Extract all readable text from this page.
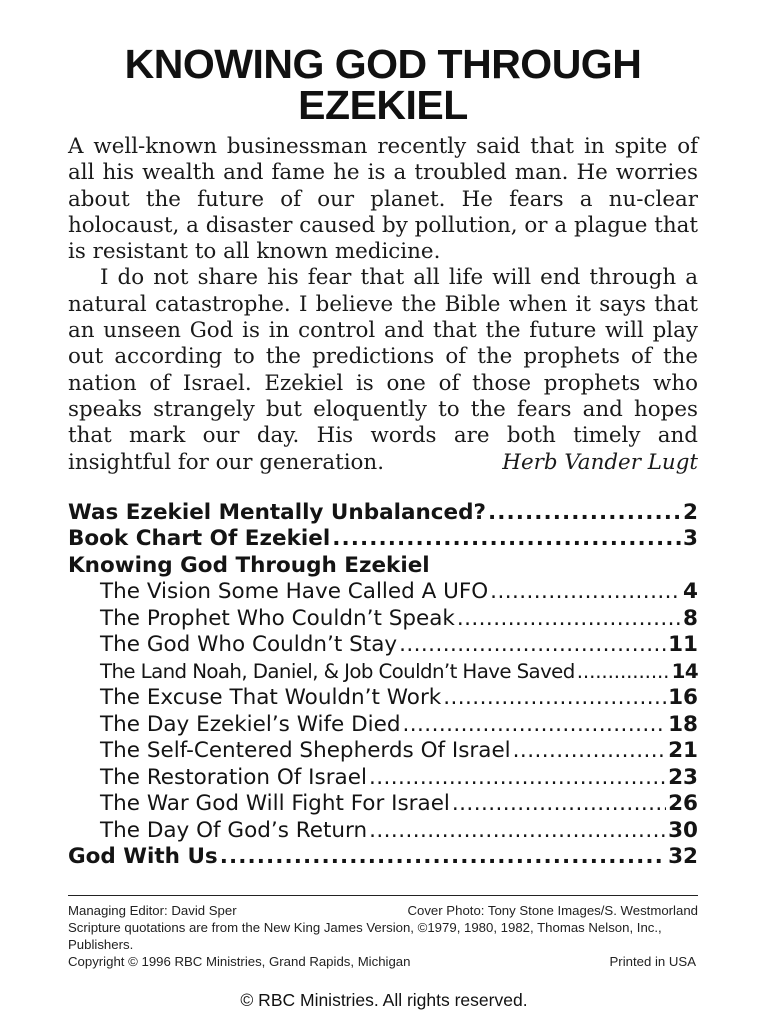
KNOWING GOD THROUGH
EZEKIEL

A well-known businessman recently said that in spite of all his wealth and fame he is a troubled man. He worries about the future of our planet. He fears a nu-clear holocaust, a disaster caused by pollution, or a plague that is resistant to all known medicine.

I do not share his fear that all life will end through a natural catastrophe. I believe the Bible when it says that an unseen God is in control and that the future will play out according to the predictions of the prophets of the nation of Israel. Ezekiel is one of those prophets who speaks strangely but eloquently to the fears and hopes that mark our day. His words are both timely and insightful for our generation.	Herb Vander Lugt

Was Ezekiel Mentally Unbalanced? . . .	2
Book Chart Of Ezekiel . . .	3
Knowing God Through Ezekiel
The Vision Some Have Called A UFO . . .	4
The Prophet Who Couldn’t Speak . . .	8
The God Who Couldn’t Stay . . .	11
The Land Noah, Daniel, & Job Couldn’t Have Saved . . .	14
The Excuse That Wouldn’t Work . . .	16
The Day Ezekiel’s Wife Died . . .	18
The Self-Centered Shepherds Of Israel . . .	21
The Restoration Of Israel . . .	23
The War God Will Fight For Israel . . .	26
The Day Of God’s Return . . .	30
God With Us . . .	32
Managing Editor: David Sper	Cover Photo: Tony Stone Images/S. Westmorland

Scripture quotations are from the New King James Version, ©1979, 1980, 1982, Thomas Nelson, Inc., Publishers.

Copyright © 1996 RBC Ministries, Grand Rapids, Michigan	Printed in USA
© RBC Ministries. All rights reserved.
